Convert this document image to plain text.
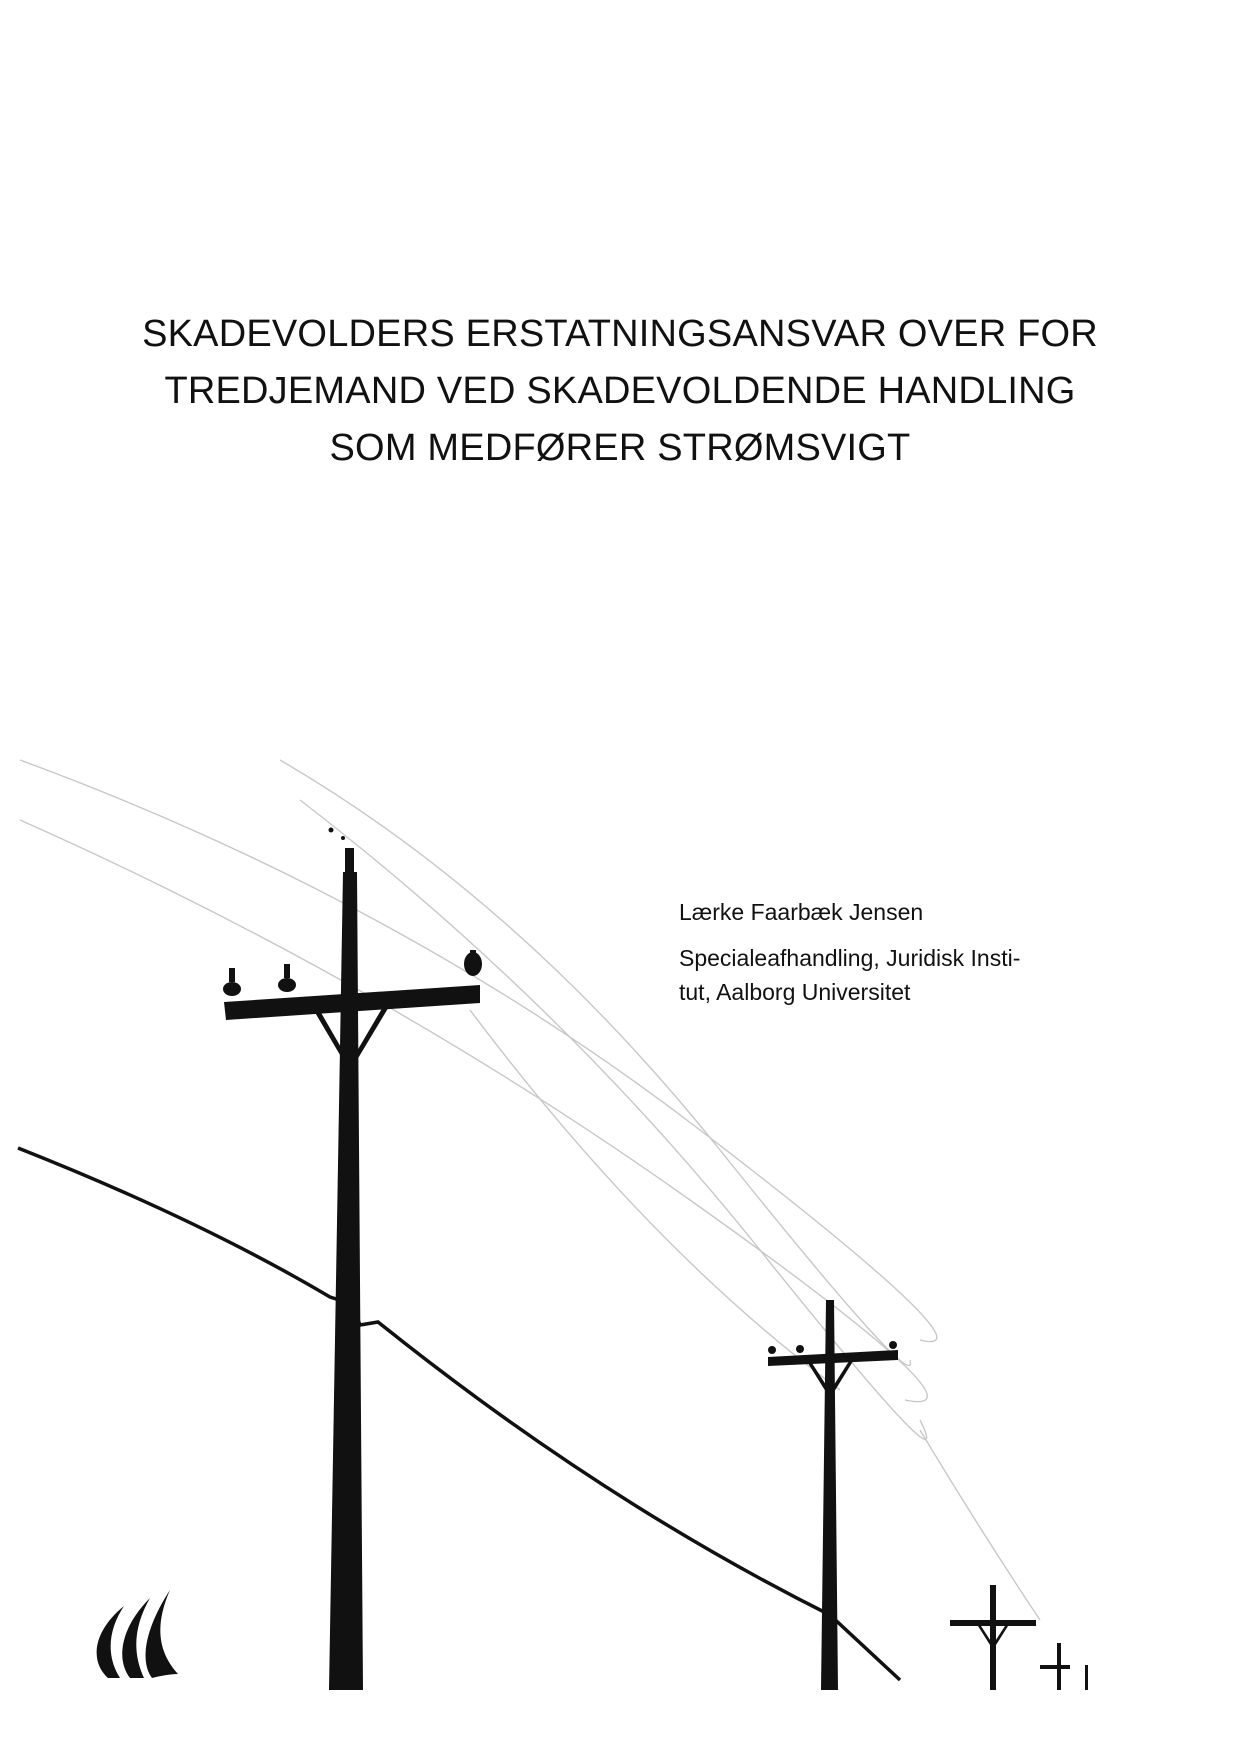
SKADEVOLDERS ERSTATNINGSANSVAR OVER FOR
TREDJEMAND VED SKADEVOLDENDE HANDLING
SOM MEDFØRER STRØMSVIGT
Lærke Faarbæk Jensen
Specialeafhandling, Juridisk Insti-
tut, Aalborg Universitet
